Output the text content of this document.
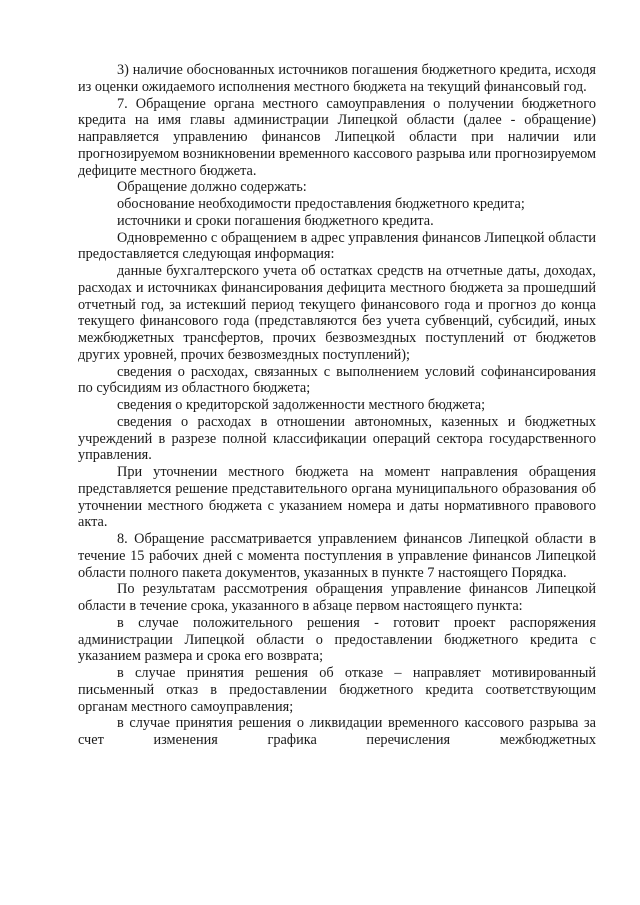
3) наличие обоснованных источников погашения бюджетного кредита, исходя из оценки ожидаемого исполнения местного бюджета на текущий финансовый год.

7. Обращение органа местного самоуправления о получении бюджетного кредита на имя главы администрации Липецкой области (далее - обращение) направляется управлению финансов Липецкой области при наличии или прогнозируемом возникновении временного кассового разрыва или прогнозируемом дефиците местного бюджета.

Обращение должно содержать:

обоснование необходимости предоставления бюджетного кредита;

источники и сроки погашения бюджетного кредита.

Одновременно с обращением в адрес управления финансов Липецкой области предоставляется следующая информация:

данные бухгалтерского учета об остатках средств на отчетные даты, доходах, расходах и источниках финансирования дефицита местного бюджета за прошедший отчетный год, за истекший период текущего финансового года и прогноз до конца текущего финансового года (представляются без учета субвенций, субсидий, иных межбюджетных трансфертов, прочих безвозмездных поступлений от бюджетов других уровней, прочих безвозмездных поступлений);

сведения о расходах, связанных с выполнением условий софинансирования по субсидиям из областного бюджета;

сведения о кредиторской задолженности местного бюджета;

сведения о расходах в отношении автономных, казенных и бюджетных учреждений в разрезе полной классификации операций сектора государственного управления.

При уточнении местного бюджета на момент направления обращения представляется решение представительного органа муниципального образования об уточнении местного бюджета с указанием номера и даты нормативного правового акта.

8. Обращение рассматривается управлением финансов Липецкой области в течение 15 рабочих дней с момента поступления в управление финансов Липецкой области полного пакета документов, указанных в пункте 7 настоящего Порядка.

По результатам рассмотрения обращения управление финансов Липецкой области в течение срока, указанного в абзаце первом настоящего пункта:

в случае положительного решения - готовит проект распоряжения администрации Липецкой области о предоставлении бюджетного кредита с указанием размера и срока его возврата;

в случае принятия решения об отказе – направляет мотивированный письменный отказ в предоставлении бюджетного кредита соответствующим органам местного самоуправления;

в случае принятия решения о ликвидации временного кассового разрыва за счет изменения графика перечисления межбюджетных
